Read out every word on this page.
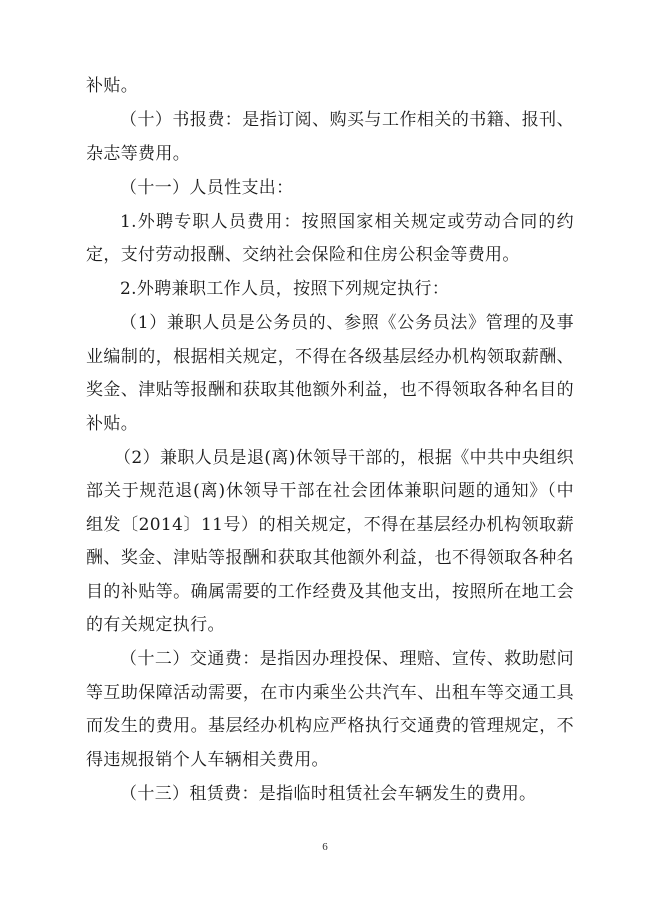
补贴。

（十）书报费：是指订阅、购买与工作相关的书籍、报刊、杂志等费用。

（十一）人员性支出：

1.外聘专职人员费用：按照国家相关规定或劳动合同的约定，支付劳动报酬、交纳社会保险和住房公积金等费用。

2.外聘兼职工作人员，按照下列规定执行：

（1）兼职人员是公务员的、参照《公务员法》管理的及事业编制的，根据相关规定，不得在各级基层经办机构领取薪酬、奖金、津贴等报酬和获取其他额外利益，也不得领取各种名目的补贴。

（2）兼职人员是退(离)休领导干部的，根据《中共中央组织部关于规范退(离)休领导干部在社会团体兼职问题的通知》（中组发〔2014〕11号）的相关规定，不得在基层经办机构领取薪酬、奖金、津贴等报酬和获取其他额外利益，也不得领取各种名目的补贴等。确属需要的工作经费及其他支出，按照所在地工会的有关规定执行。

（十二）交通费：是指因办理投保、理赔、宣传、救助慰问等互助保障活动需要，在市内乘坐公共汽车、出租车等交通工具而发生的费用。基层经办机构应严格执行交通费的管理规定，不得违规报销个人车辆相关费用。

（十三）租赁费：是指临时租赁社会车辆发生的费用。

6
